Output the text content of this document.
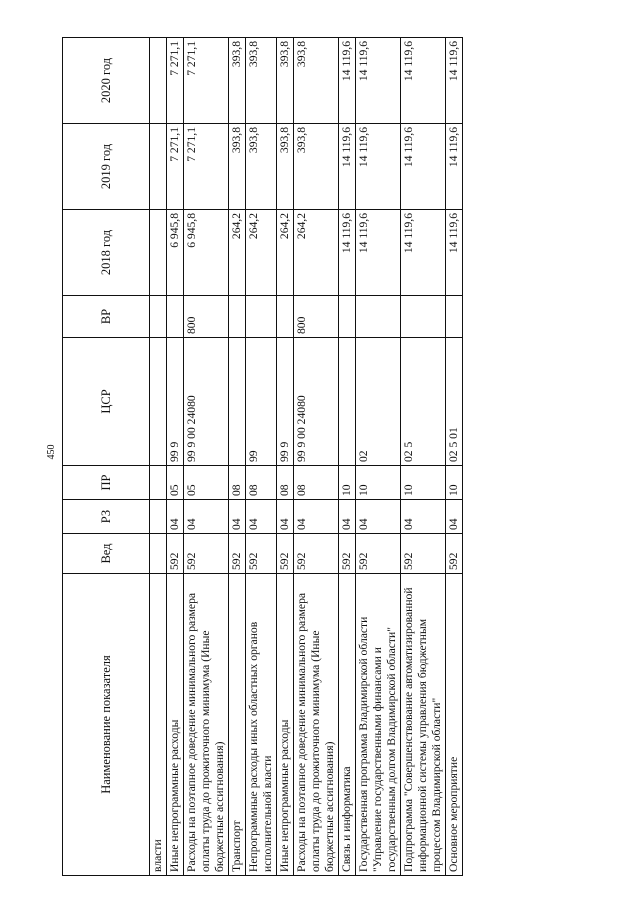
450
Наименование показателя	Вед	РЗ	ПР	ЦСР	ВР	2018 год	2019 год	2020 год
власти								
Иные непрограммные расходы	592	04	05	99 9		6 945,8	7 271,1	7 271,1
Расходы на поэтапное доведение минимального размера оплаты труда до прожиточного минимума (Иные бюджетные ассигнования)	592	04	05	99 9 00 24080	800	6 945,8	7 271,1	7 271,1
Транспорт	592	04	08			264,2	393,8	393,8
Непрограммные расходы иных областных органов исполнительной власти	592	04	08	99		264,2	393,8	393,8
Иные непрограммные расходы	592	04	08	99 9		264,2	393,8	393,8
Расходы на поэтапное доведение минимального размера оплаты труда до прожиточного минимума (Иные бюджетные ассигнования)	592	04	08	99 9 00 24080	800	264,2	393,8	393,8
Связь и информатика	592	04	10			14 119,6	14 119,6	14 119,6
Государственная программа Владимирской области "Управление государственными финансами и государственным долгом Владимирской области"	592	04	10	02		14 119,6	14 119,6	14 119,6
Подпрограмма "Совершенствование автоматизированной информационной системы управления бюджетным процессом Владимирской области"	592	04	10	02 5		14 119,6	14 119,6	14 119,6
Основное мероприятие	592	04	10	02 5 01		14 119,6	14 119,6	14 119,6
